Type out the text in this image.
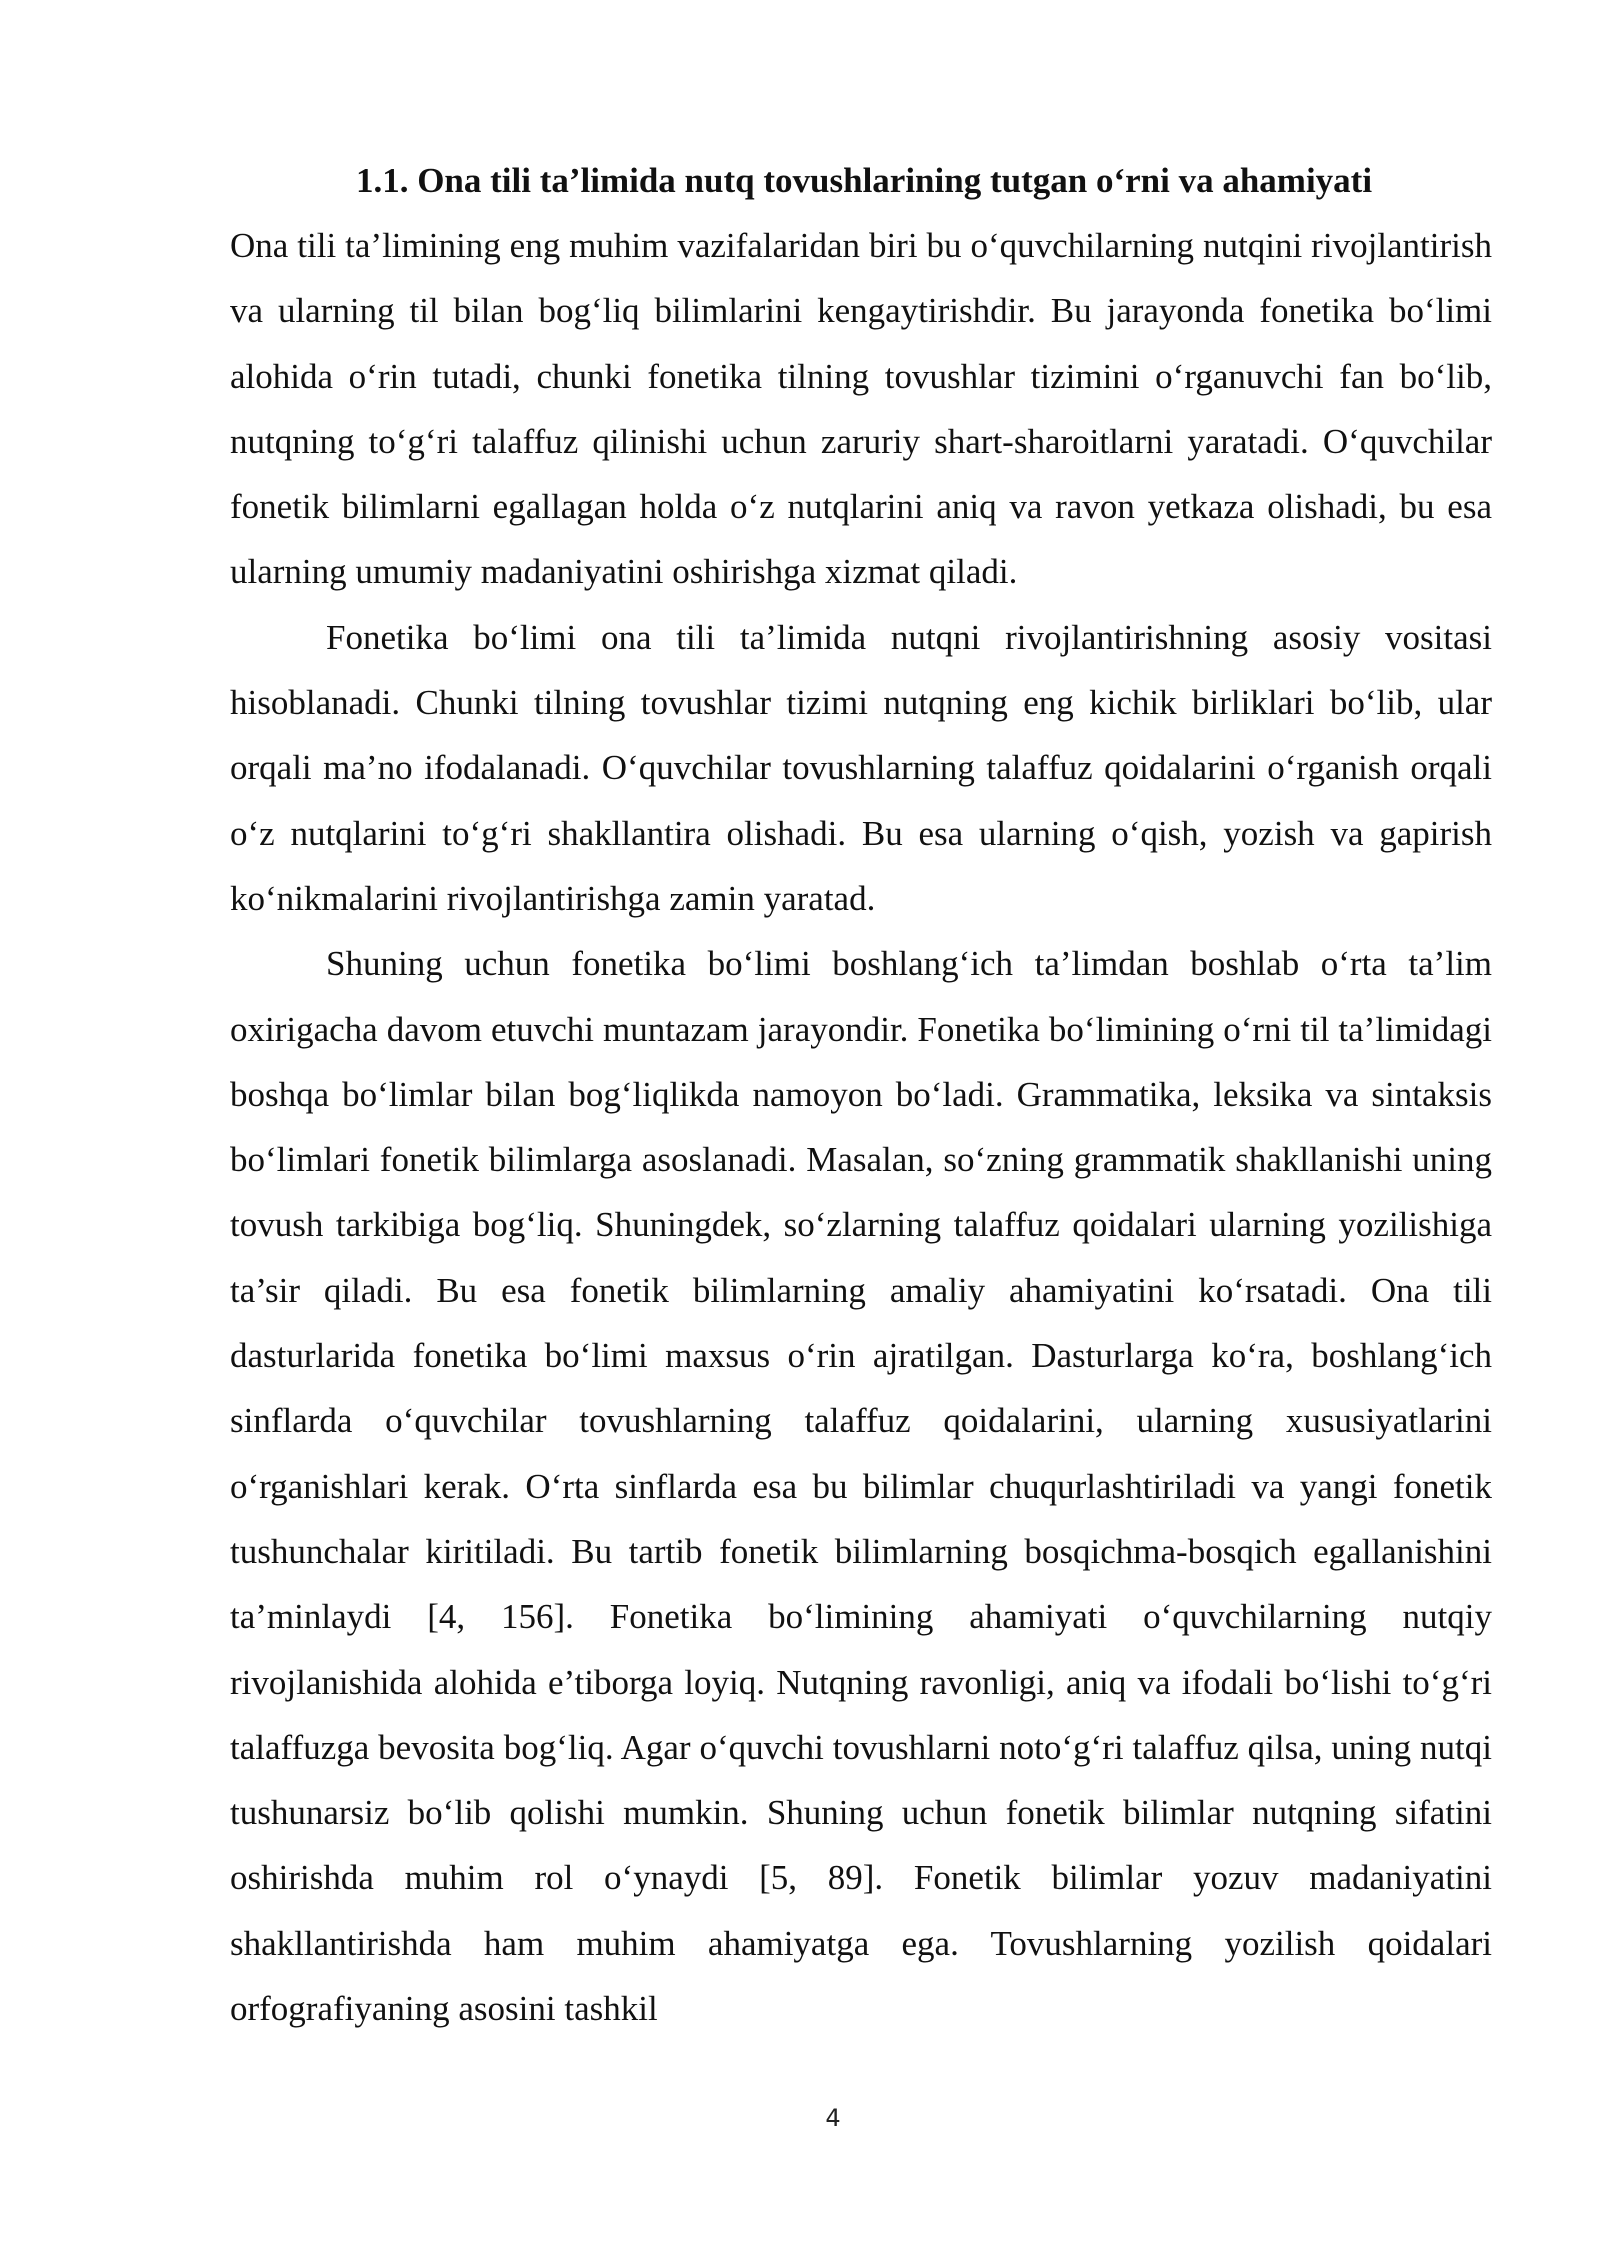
1.1. Ona tili ta’limida nutq tovushlarining tutgan o‘rni va ahamiyati

Ona tili ta’limining eng muhim vazifalaridan biri bu o‘quvchilarning nutqini rivojlantirish va ularning til bilan bog‘liq bilimlarini kengaytirishdir. Bu jarayonda fonetika bo‘limi alohida o‘rin tutadi, chunki fonetika tilning tovushlar tizimini o‘rganuvchi fan bo‘lib, nutqning to‘g‘ri talaffuz qilinishi uchun zaruriy shart-sharoitlarni yaratadi. O‘quvchilar fonetik bilimlarni egallagan holda o‘z nutqlarini aniq va ravon yetkaza olishadi, bu esa ularning umumiy madaniyatini oshirishga xizmat qiladi.

Fonetika bo‘limi ona tili ta’limida nutqni rivojlantirishning asosiy vositasi hisoblanadi. Chunki tilning tovushlar tizimi nutqning eng kichik birliklari bo‘lib, ular orqali ma’no ifodalanadi. O‘quvchilar tovushlarning talaffuz qoidalarini o‘rganish orqali o‘z nutqlarini to‘g‘ri shakllantira olishadi. Bu esa ularning o‘qish, yozish va gapirish ko‘nikmalarini rivojlantirishga zamin yaratad.

Shuning uchun fonetika bo‘limi boshlang‘ich ta’limdan boshlab o‘rta ta’lim oxirigacha davom etuvchi muntazam jarayondir. Fonetika bo‘limining o‘rni til ta’limidagi boshqa bo‘limlar bilan bog‘liqlikda namoyon bo‘ladi. Grammatika, leksika va sintaksis bo‘limlari fonetik bilimlarga asoslanadi. Masalan, so‘zning grammatik shakllanishi uning tovush tarkibiga bog‘liq. Shuningdek, so‘zlarning talaffuz qoidalari ularning yozilishiga ta’sir qiladi. Bu esa fonetik bilimlarning amaliy ahamiyatini ko‘rsatadi. Ona tili dasturlarida fonetika bo‘limi maxsus o‘rin ajratilgan. Dasturlarga ko‘ra, boshlang‘ich sinflarda o‘quvchilar tovushlarning talaffuz qoidalarini, ularning xususiyatlarini o‘rganishlari kerak. O‘rta sinflarda esa bu bilimlar chuqurlashtiriladi va yangi fonetik tushunchalar kiritiladi. Bu tartib fonetik bilimlarning bosqichma-bosqich egallanishini ta’minlaydi [4, 156]. Fonetika bo‘limining ahamiyati o‘quvchilarning nutqiy rivojlanishida alohida e’tiborga loyiq. Nutqning ravonligi, aniq va ifodali bo‘lishi to‘g‘ri talaffuzga bevosita bog‘liq. Agar o‘quvchi tovushlarni noto‘g‘ri talaffuz qilsa, uning nutqi tushunarsiz bo‘lib qolishi mumkin. Shuning uchun fonetik bilimlar nutqning sifatini oshirishda muhim rol o‘ynaydi [5, 89]. Fonetik bilimlar yozuv madaniyatini shakllantirishda ham muhim ahamiyatga ega. Tovushlarning yozilish qoidalari orfografiyaning asosini tashkil

4
